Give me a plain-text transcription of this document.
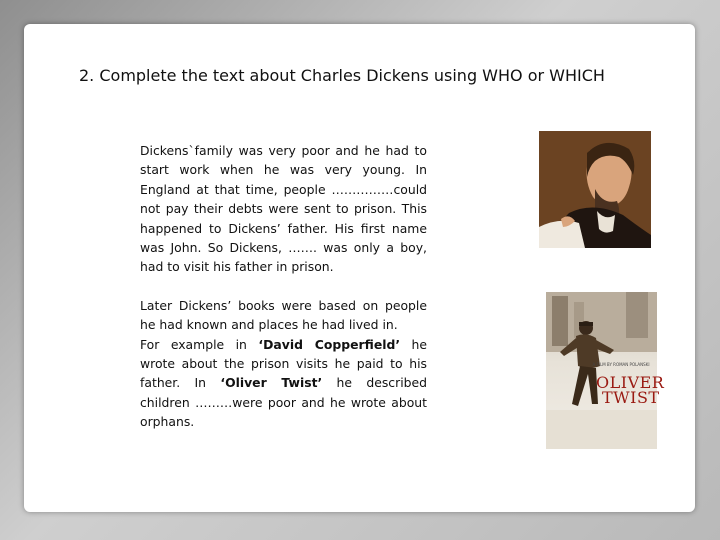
2. Complete the text about Charles Dickens using WHO or WHICH

Dickens`family was very poor and he had to start work when he was very young. In England at that time, people ……………could not pay their debts were sent to prison. This happened to Dickens’ father. His first name was John. So Dickens, ……. was only a boy, had to visit his father in prison.

Later Dickens’ books were based on people he had known and places he had lived in.
For example in ‘David Copperfield’ he wrote about the prison visits he paid to his father. In ‘Oliver Twist’ he described children ………were poor and he wrote about orphans.

A FILM BY ROMAN POLANSKI
OLIVER
TWIST
